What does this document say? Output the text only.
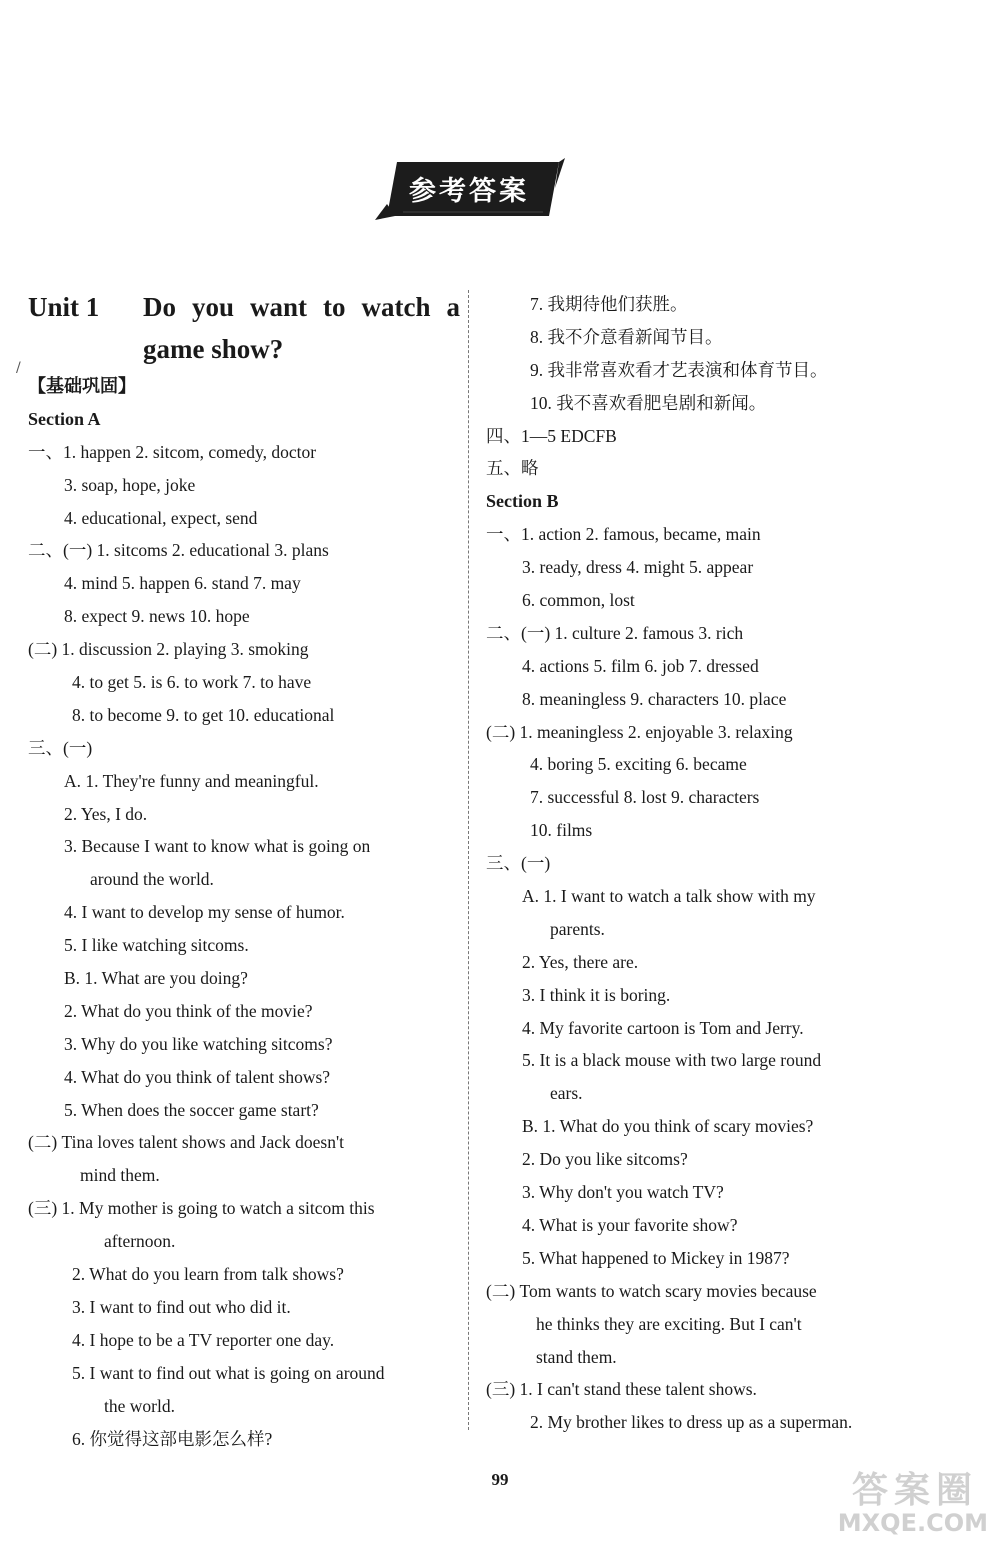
参考答案
/
Unit 1	Do you want to watch a
game show?
【基础巩固】
Section A
一、1. happen 2. sitcom, comedy, doctor
3. soap, hope, joke
4. educational, expect, send
二、(一) 1. sitcoms 2. educational 3. plans
4. mind 5. happen 6. stand 7. may
8. expect 9. news 10. hope
(二) 1. discussion 2. playing 3. smoking
4. to get 5. is 6. to work 7. to have
8. to become 9. to get 10. educational
三、(一)
A. 1. They're funny and meaningful.
2. Yes, I do.
3. Because I want to know what is going on
around the world.
4. I want to develop my sense of humor.
5. I like watching sitcoms.
B. 1. What are you doing?
2. What do you think of the movie?
3. Why do you like watching sitcoms?
4. What do you think of talent shows?
5. When does the soccer game start?
(二) Tina loves talent shows and Jack doesn't
mind them.
(三) 1. My mother is going to watch a sitcom this
afternoon.
2. What do you learn from talk shows?
3. I want to find out who did it.
4. I hope to be a TV reporter one day.
5. I want to find out what is going on around
the world.
6. 你觉得这部电影怎么样?
7. 我期待他们获胜。
8. 我不介意看新闻节目。
9. 我非常喜欢看才艺表演和体育节目。
10. 我不喜欢看肥皂剧和新闻。
四、1—5 EDCFB
五、略
Section B
一、1. action 2. famous, became, main
3. ready, dress 4. might 5. appear
6. common, lost
二、(一) 1. culture 2. famous 3. rich
4. actions 5. film 6. job 7. dressed
8. meaningless 9. characters 10. place
(二) 1. meaningless 2. enjoyable 3. relaxing
4. boring 5. exciting 6. became
7. successful 8. lost 9. characters
10. films
三、(一)
A. 1. I want to watch a talk show with my
parents.
2. Yes, there are.
3. I think it is boring.
4. My favorite cartoon is Tom and Jerry.
5. It is a black mouse with two large round
ears.
B. 1. What do you think of scary movies?
2. Do you like sitcoms?
3. Why don't you watch TV?
4. What is your favorite show?
5. What happened to Mickey in 1987?
(二) Tom wants to watch scary movies because
he thinks they are exciting. But I can't
stand them.
(三) 1. I can't stand these talent shows.
2. My brother likes to dress up as a superman.
99	答案圈
MXQE.COM
